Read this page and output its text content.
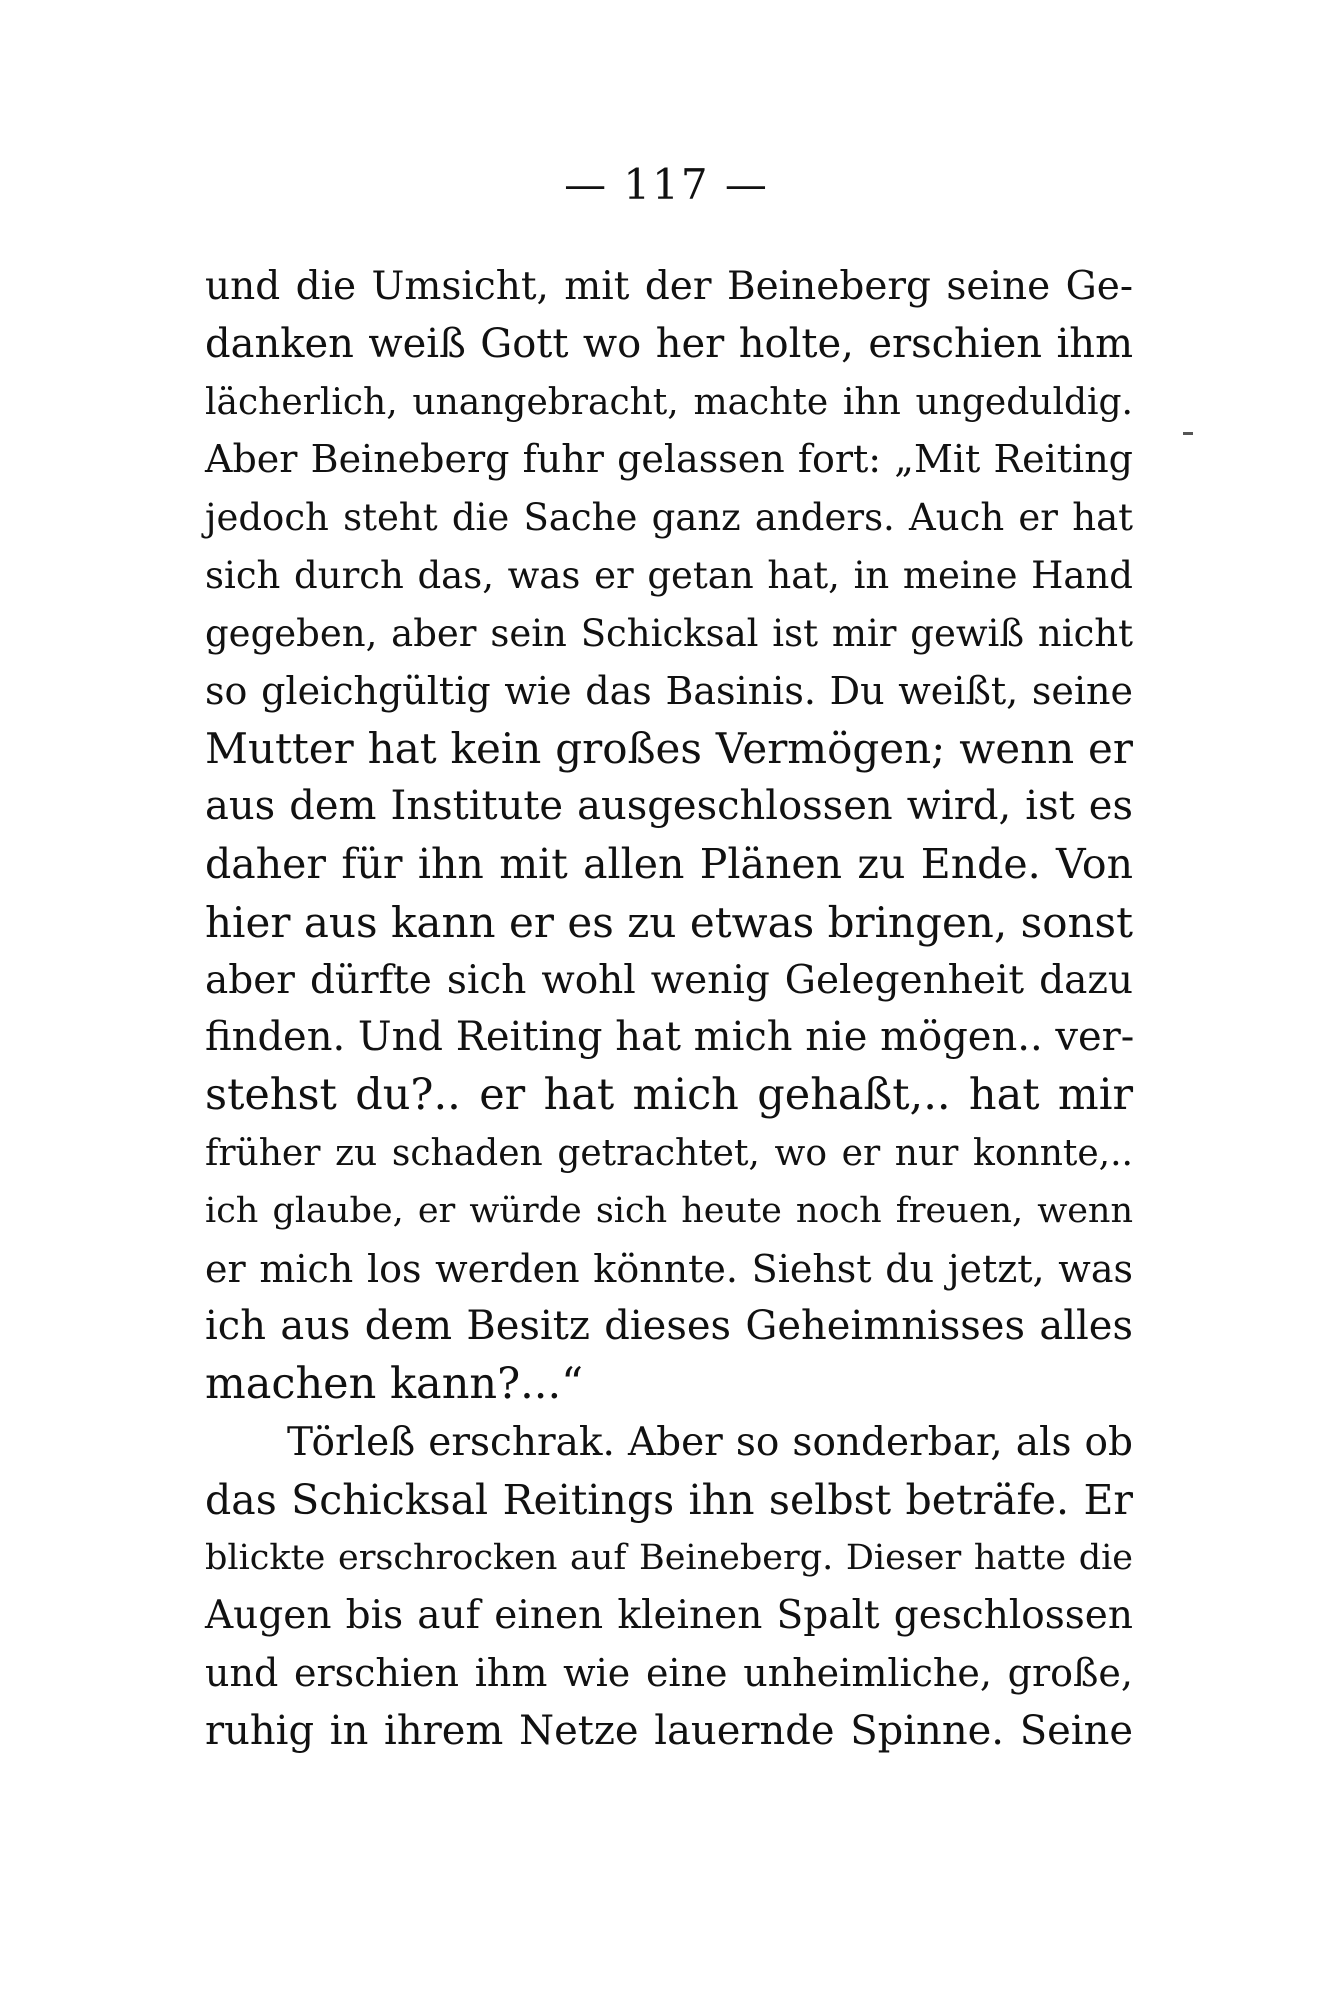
— 117 —
und die Umsicht, mit der Beineberg seine Ge-
danken weiß Gott wo her holte, erschien ihm
lächerlich, unangebracht, machte ihn ungeduldig.
Aber Beineberg fuhr gelassen fort: „Mit Reiting
jedoch steht die Sache ganz anders. Auch er hat
sich durch das, was er getan hat, in meine Hand
gegeben, aber sein Schicksal ist mir gewiß nicht
so gleichgültig wie das Basinis. Du weißt, seine
Mutter hat kein großes Vermögen; wenn er
aus dem Institute ausgeschlossen wird, ist es
daher für ihn mit allen Plänen zu Ende. Von
hier aus kann er es zu etwas bringen, sonst
aber dürfte sich wohl wenig Gelegenheit dazu
finden. Und Reiting hat mich nie mögen.. ver-
stehst du?.. er hat mich gehaßt,.. hat mir
früher zu schaden getrachtet, wo er nur konnte,..
ich glaube, er würde sich heute noch freuen, wenn
er mich los werden könnte. Siehst du jetzt, was
ich aus dem Besitz dieses Geheimnisses alles
machen kann?...“
Törleß erschrak. Aber so sonderbar, als ob
das Schicksal Reitings ihn selbst beträfe. Er
blickte erschrocken auf Beineberg. Dieser hatte die
Augen bis auf einen kleinen Spalt geschlossen
und erschien ihm wie eine unheimliche, große,
ruhig in ihrem Netze lauernde Spinne. Seine
